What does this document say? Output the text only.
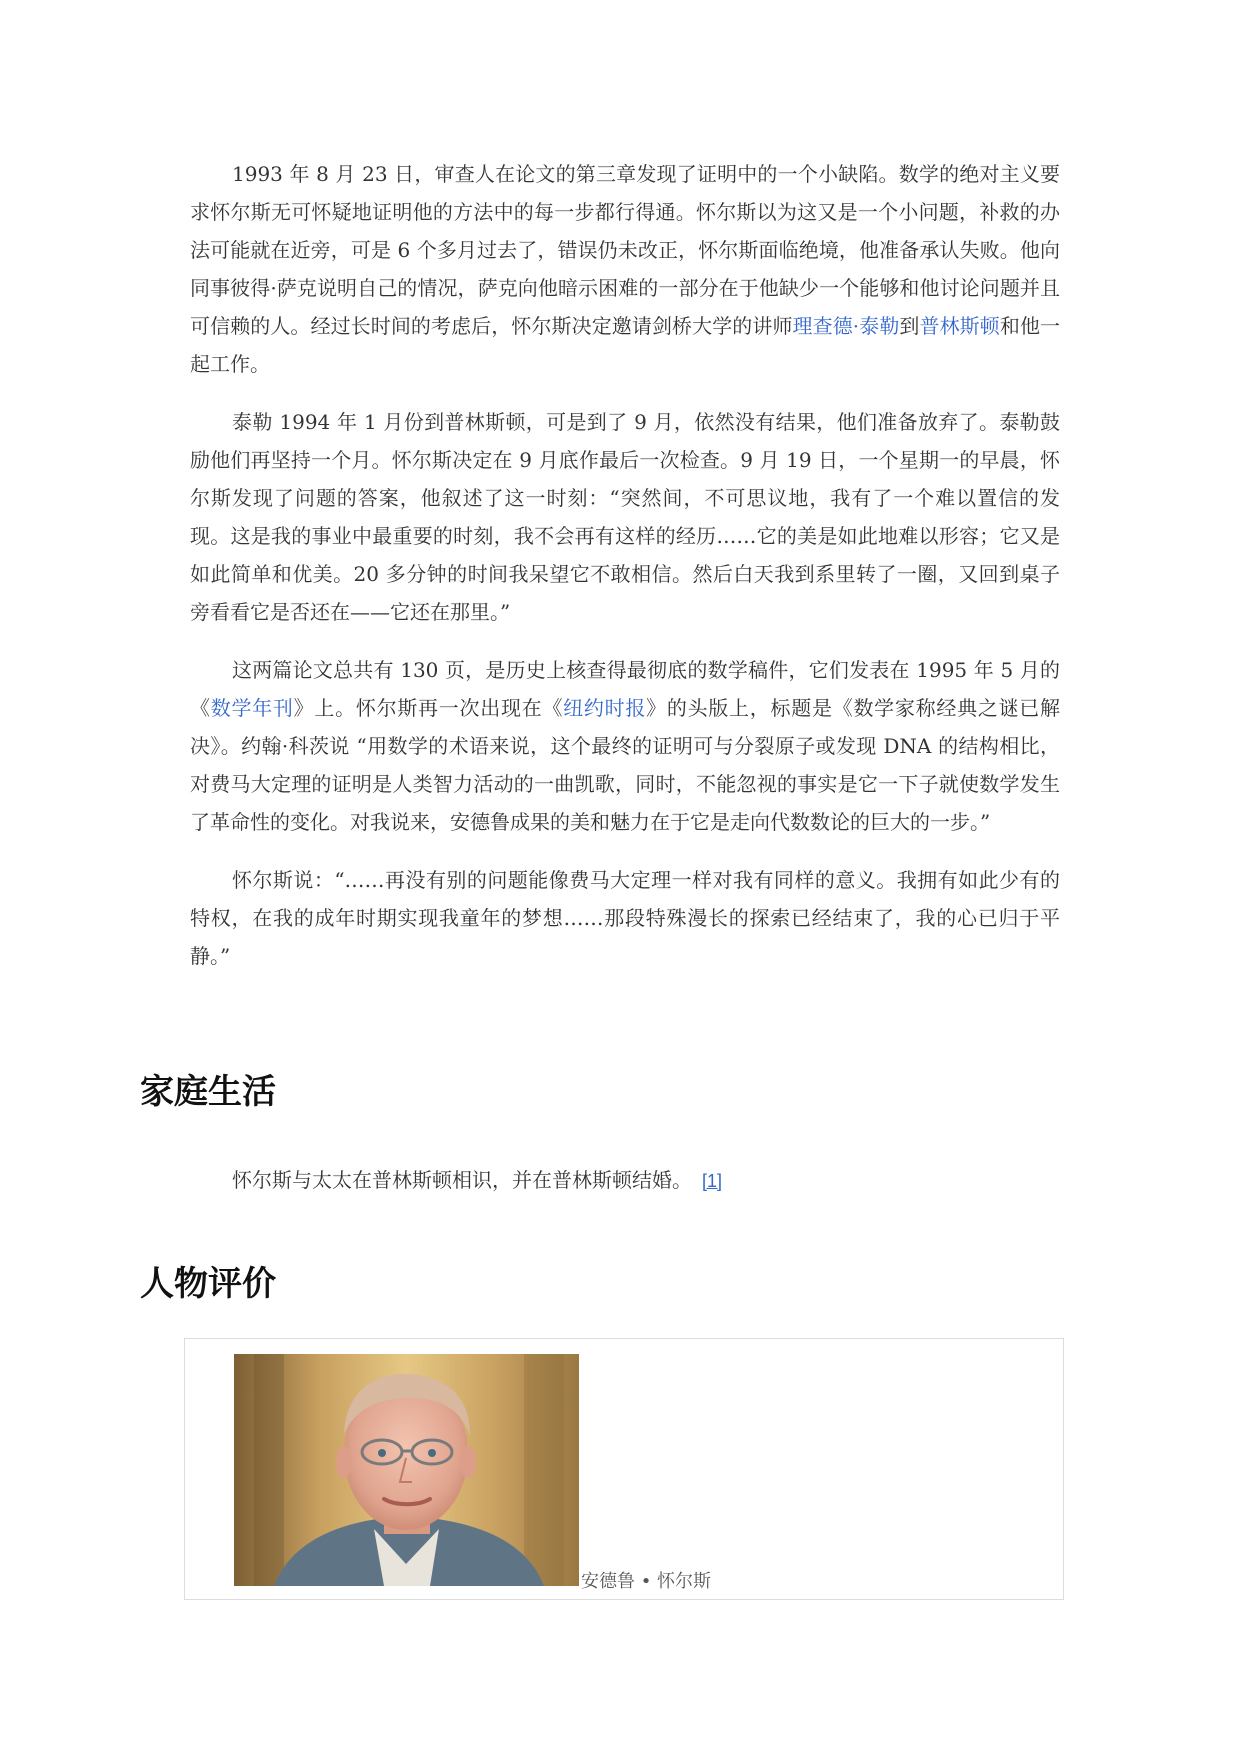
1993 年 8 月 23 日，审查人在论文的第三章发现了证明中的一个小缺陷。数学的绝对主义要求怀尔斯无可怀疑地证明他的方法中的每一步都行得通。怀尔斯以为这又是一个小问题，补救的办法可能就在近旁，可是 6 个多月过去了，错误仍未改正，怀尔斯面临绝境，他准备承认失败。他向同事彼得·萨克说明自己的情况，萨克向他暗示困难的一部分在于他缺少一个能够和他讨论问题并且可信赖的人。经过长时间的考虑后，怀尔斯决定邀请剑桥大学的讲师理查德·泰勒到普林斯顿和他一起工作。

泰勒 1994 年 1 月份到普林斯顿，可是到了 9 月，依然没有结果，他们准备放弃了。泰勒鼓励他们再坚持一个月。怀尔斯决定在 9 月底作最后一次检查。9 月 19 日，一个星期一的早晨，怀尔斯发现了问题的答案，他叙述了这一时刻：“突然间，不可思议地，我有了一个难以置信的发现。这是我的事业中最重要的时刻，我不会再有这样的经历……它的美是如此地难以形容；它又是如此简单和优美。20 多分钟的时间我呆望它不敢相信。然后白天我到系里转了一圈，又回到桌子旁看看它是否还在——它还在那里。”

这两篇论文总共有 130 页，是历史上核查得最彻底的数学稿件，它们发表在 1995 年 5 月的《数学年刊》上。怀尔斯再一次出现在《纽约时报》的头版上，标题是《数学家称经典之谜已解决》。约翰·科茨说 “用数学的术语来说，这个最终的证明可与分裂原子或发现 DNA 的结构相比，对费马大定理的证明是人类智力活动的一曲凯歌，同时，不能忽视的事实是它一下子就使数学发生了革命性的变化。对我说来，安德鲁成果的美和魅力在于它是走向代数数论的巨大的一步。”

怀尔斯说：“……再没有别的问题能像费马大定理一样对我有同样的意义。我拥有如此少有的特权，在我的成年时期实现我童年的梦想……那段特殊漫长的探索已经结束了，我的心已归于平静。”

家庭生活

怀尔斯与太太在普林斯顿相识，并在普林斯顿结婚。 [1]

人物评价
安德鲁 • 怀尔斯
